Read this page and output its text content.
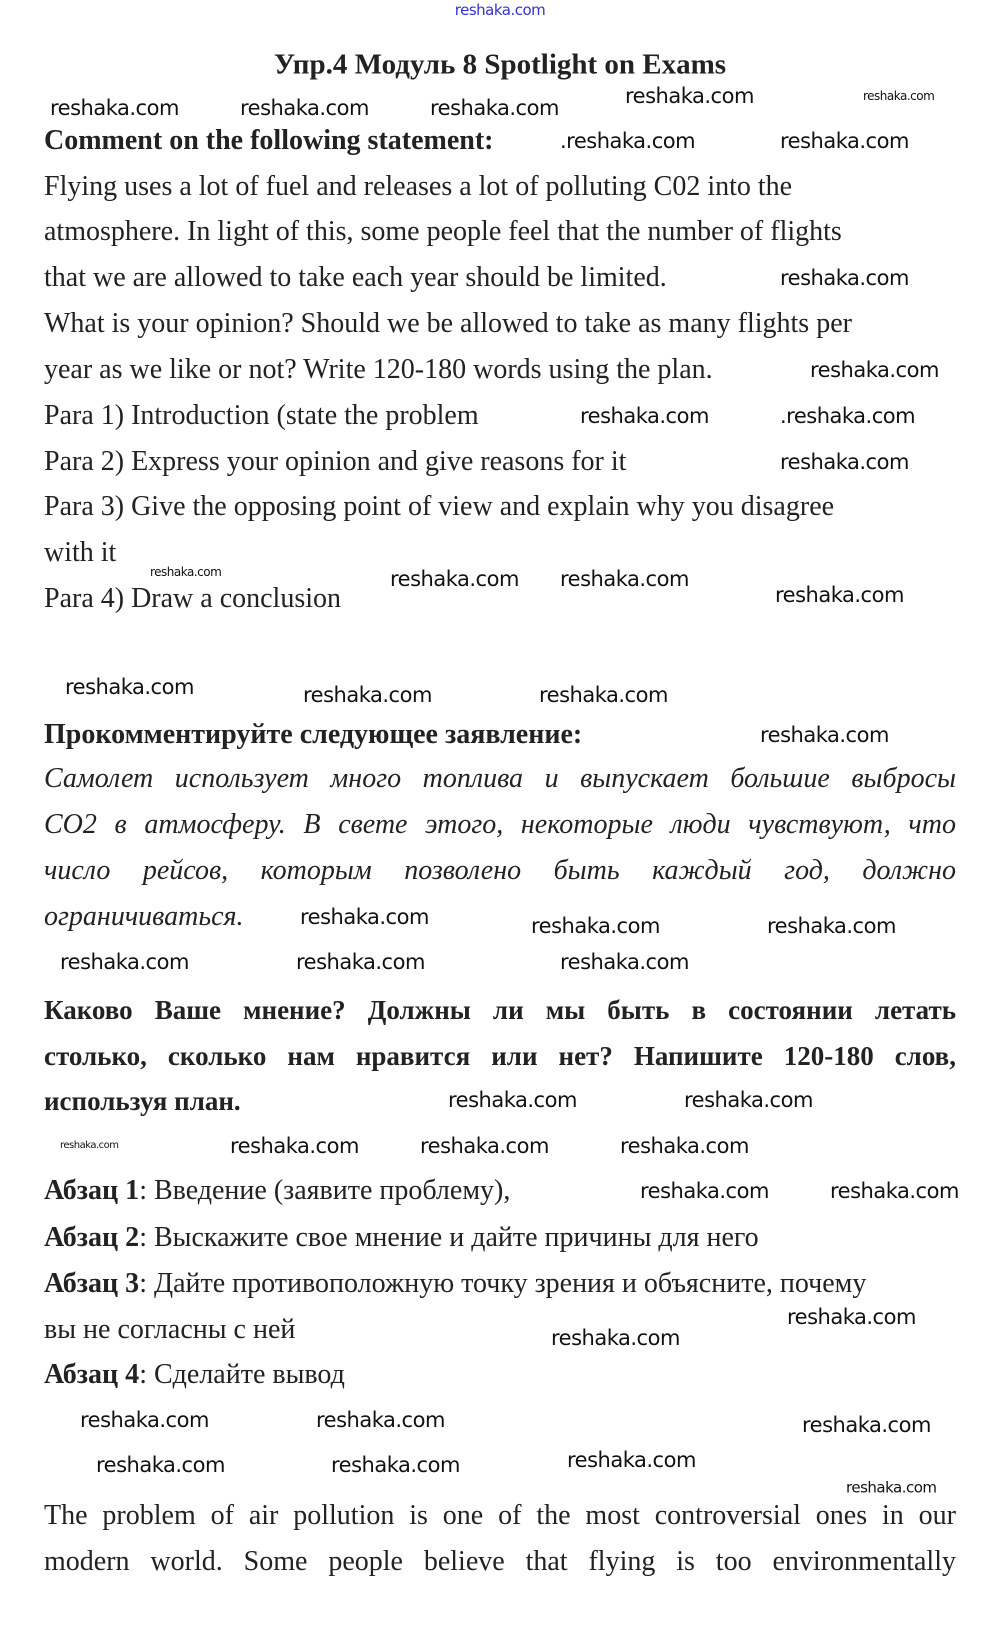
reshaka.com
Упр.4 Модуль 8 Spotlight on Exams
Comment on the following statement:
Flying uses a lot of fuel and releases a lot of polluting C02 into the
atmosphere. In light of this, some people feel that the number of flights
that we are allowed to take each year should be limited.
What is your opinion? Should we be allowed to take as many flights per
year as we like or not? Write 120-180 words using the plan.
Para 1) Introduction (state the problem
Para 2) Express your opinion and give reasons for it
Para 3) Give the opposing point of view and explain why you disagree
with it
Para 4) Draw a conclusion
Прокомментируйте следующее заявление:
Самолет использует много топлива и выпускает большие выбросы
СО2 в атмосферу. В свете этого, некоторые люди чувствуют, что
число рейсов, которым позволено быть каждый год, должно
ограничиваться.
Каково Ваше мнение? Должны ли мы быть в состоянии летать
столько, сколько нам нравится или нет? Напишите 120-180 слов,
используя план.
Абзац 1: Введение (заявите проблему),
Абзац 2: Выскажите свое мнение и дайте причины для него
Абзац 3: Дайте противоположную точку зрения и объясните, почему
вы не согласны с ней
Абзац 4: Сделайте вывод
The problem of air pollution is one of the most controversial ones in our
modern world. Some people believe that flying is too environmentally
reshaka.com	reshaka.com
reshaka.com	reshaka.com	reshaka.com
.reshaka.com	reshaka.com
reshaka.com
reshaka.com
reshaka.com	.reshaka.com
reshaka.com
reshaka.com	reshaka.com reshaka.com
reshaka.com
reshaka.com	reshaka.com	reshaka.com
reshaka.com
reshaka.com	reshaka.com	reshaka.com
reshaka.com	reshaka.com	reshaka.com
reshaka.com	reshaka.com
reshaka.com	reshaka.com	reshaka.com	reshaka.com
reshaka.com	reshaka.com
reshaka.com
reshaka.com
reshaka.com	reshaka.com	reshaka.com
reshaka.com	reshaka.com	reshaka.com
reshaka.com
